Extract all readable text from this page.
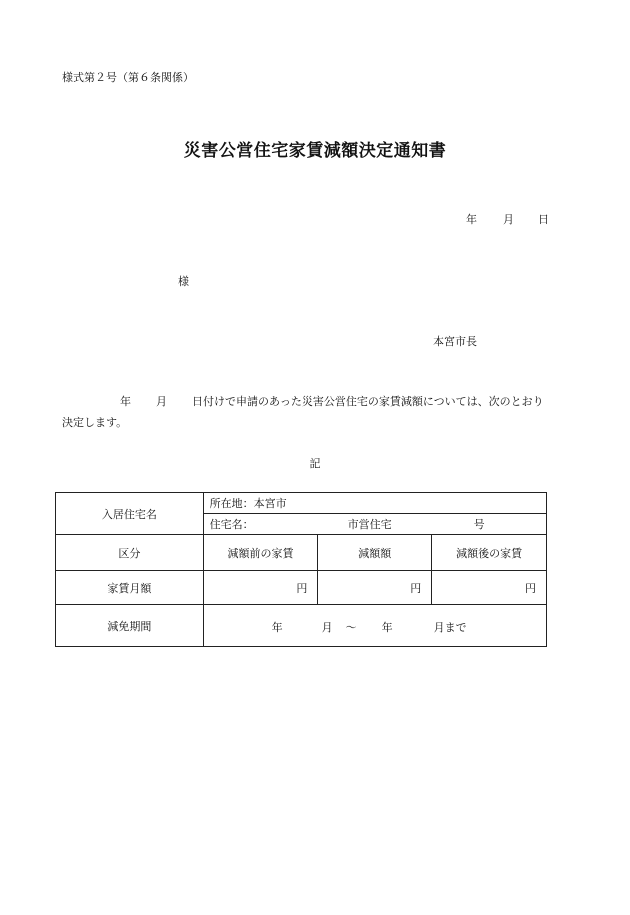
様式第２号（第６条関係）
災害公営住宅家賃減額決定通知書
年 月 日
様
本宮市長
年 月 日付けで申請のあった災害公営住宅の家賃減額については、次のとおり
決定します。
記
入居住宅名	所在地：本宮市		

	住宅名： 市営住宅 号		

区分	減額前の家賃	減額額	減額後の家賃
家賃月額	円	円	円
減免期間	年 月 ～ 年 月まで		
